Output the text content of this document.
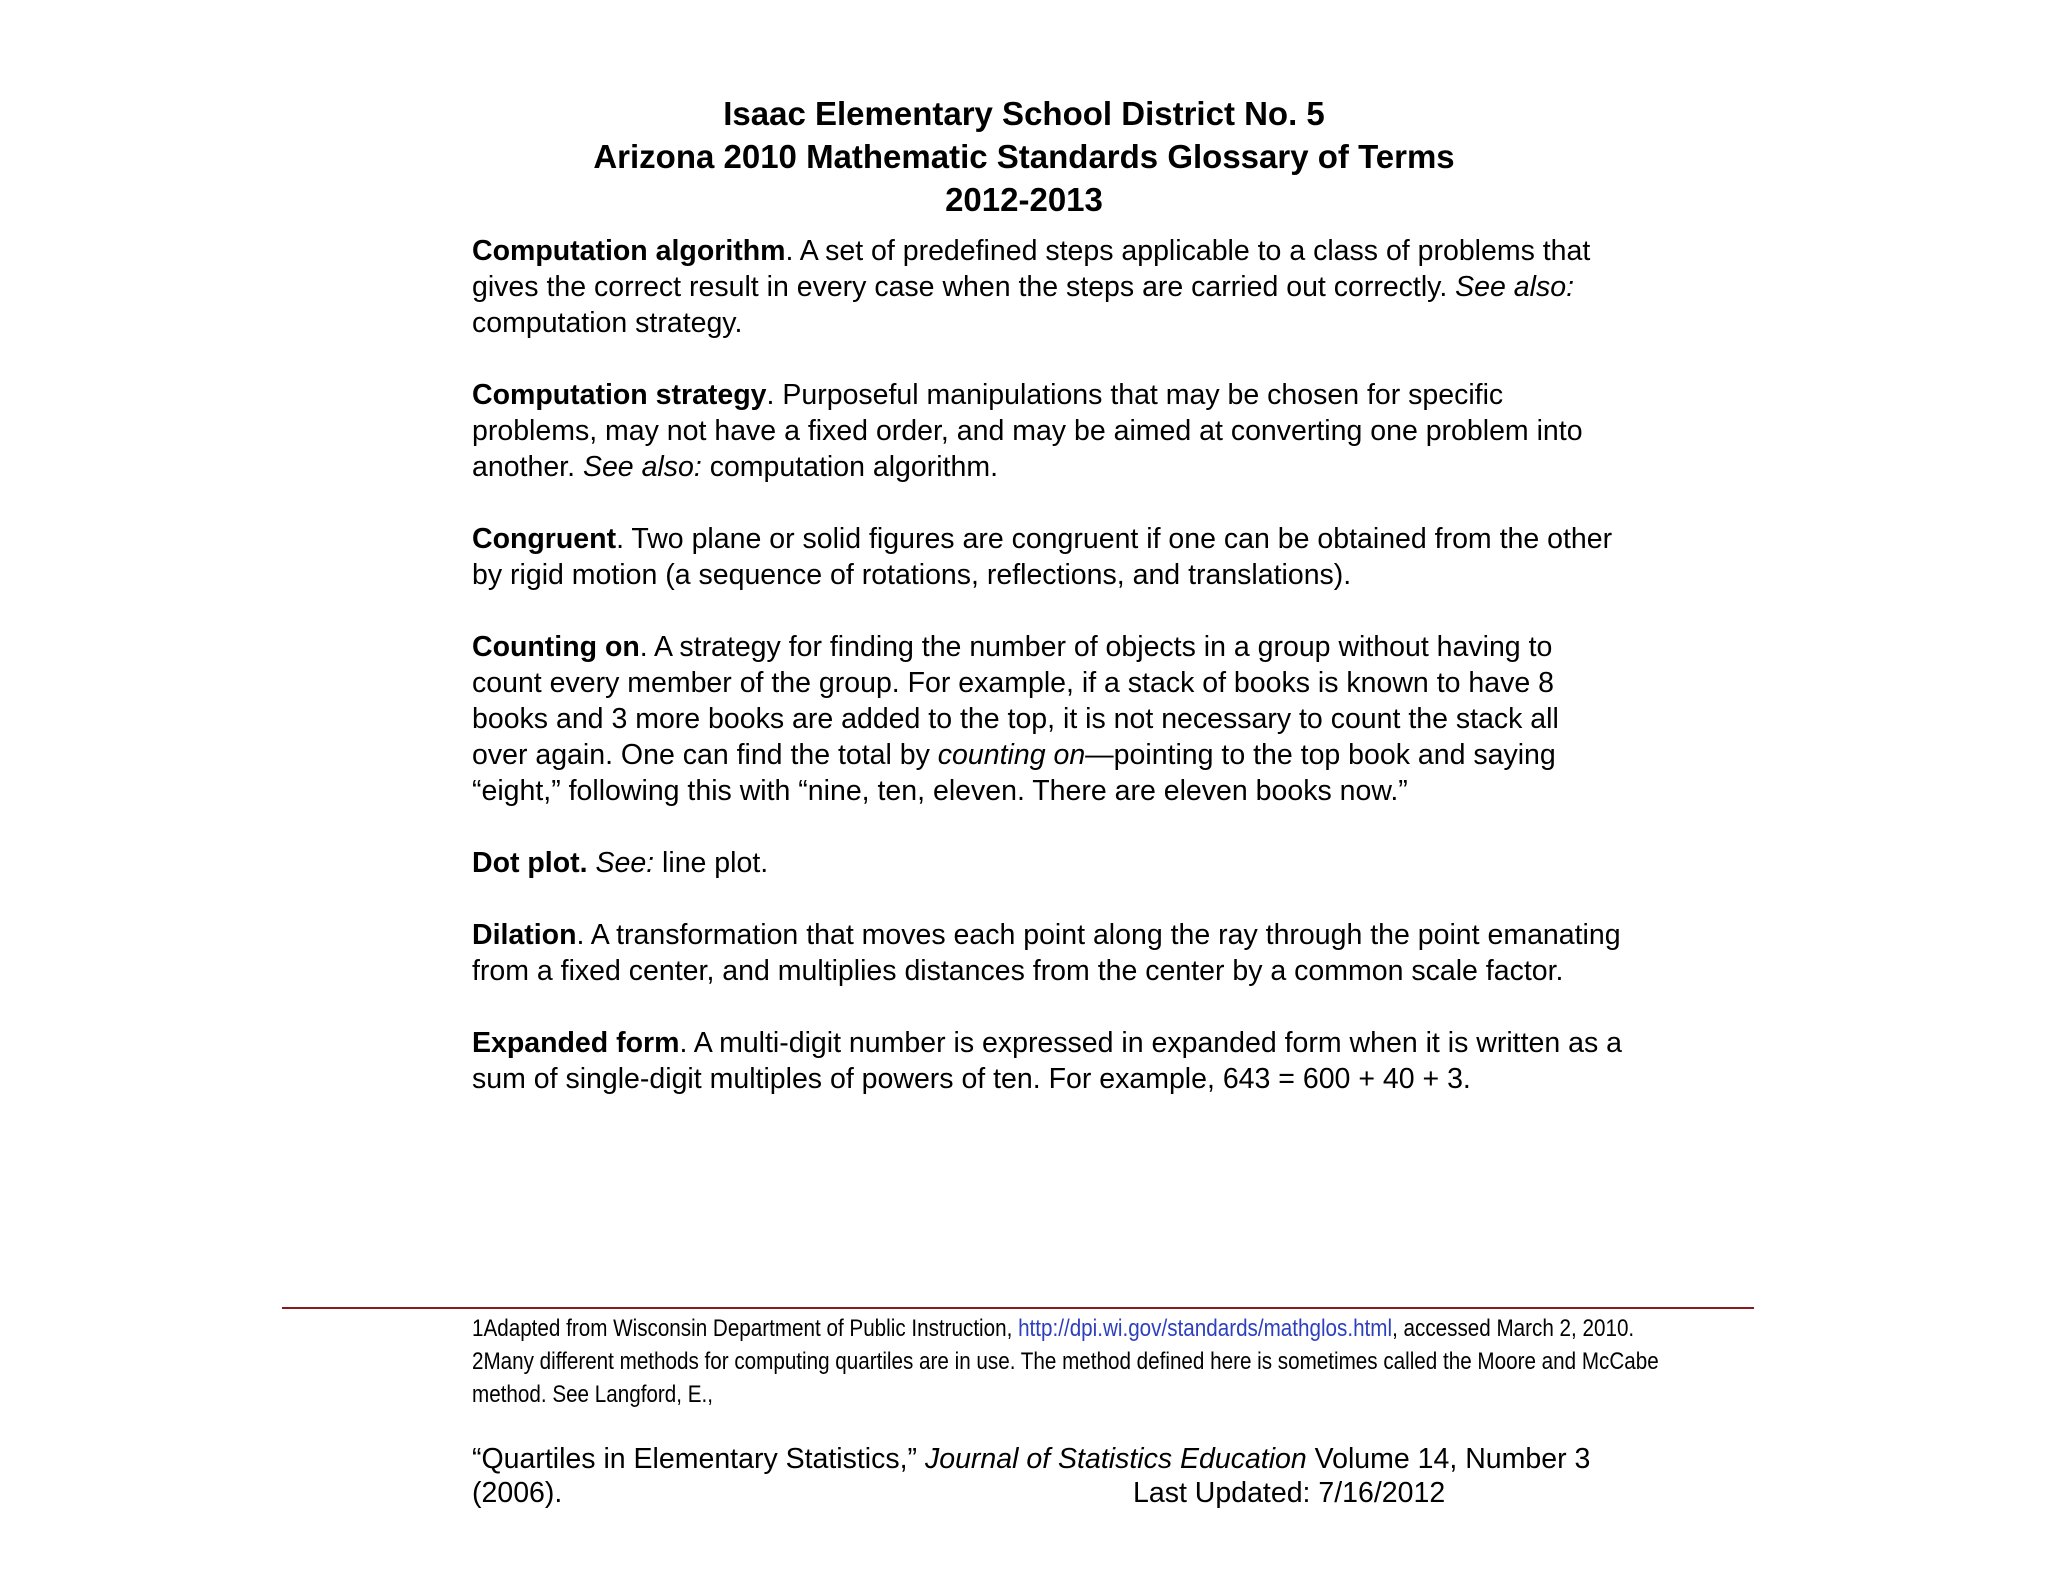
Isaac Elementary School District No. 5
Arizona 2010 Mathematic Standards Glossary of Terms
2012-2013

Computation algorithm. A set of predefined steps applicable to a class of problems that gives the correct result in every case when the steps are carried out correctly. See also: computation strategy.

Computation strategy. Purposeful manipulations that may be chosen for specific problems, may not have a fixed order, and may be aimed at converting one problem into another. See also: computation algorithm.

Congruent. Two plane or solid figures are congruent if one can be obtained from the other by rigid motion (a sequence of rotations, reflections, and translations).

Counting on. A strategy for finding the number of objects in a group without having to count every member of the group. For example, if a stack of books is known to have 8 books and 3 more books are added to the top, it is not necessary to count the stack all over again. One can find the total by counting on—pointing to the top book and saying “eight,” following this with “nine, ten, eleven. There are eleven books now.”

Dot plot. See: line plot.

Dilation. A transformation that moves each point along the ray through the point emanating from a fixed center, and multiplies distances from the center by a common scale factor.

Expanded form. A multi-digit number is expressed in expanded form when it is written as a sum of single-digit multiples of powers of ten. For example, 643 = 600 + 40 + 3.

1Adapted from Wisconsin Department of Public Instruction, http://dpi.wi.gov/standards/mathglos.html, accessed March 2, 2010.
2Many different methods for computing quartiles are in use. The method defined here is sometimes called the Moore and McCabe method. See Langford, E.,
“Quartiles in Elementary Statistics,” Journal of Statistics Education Volume 14, Number 3
(2006).	Last Updated: 7/16/2012
